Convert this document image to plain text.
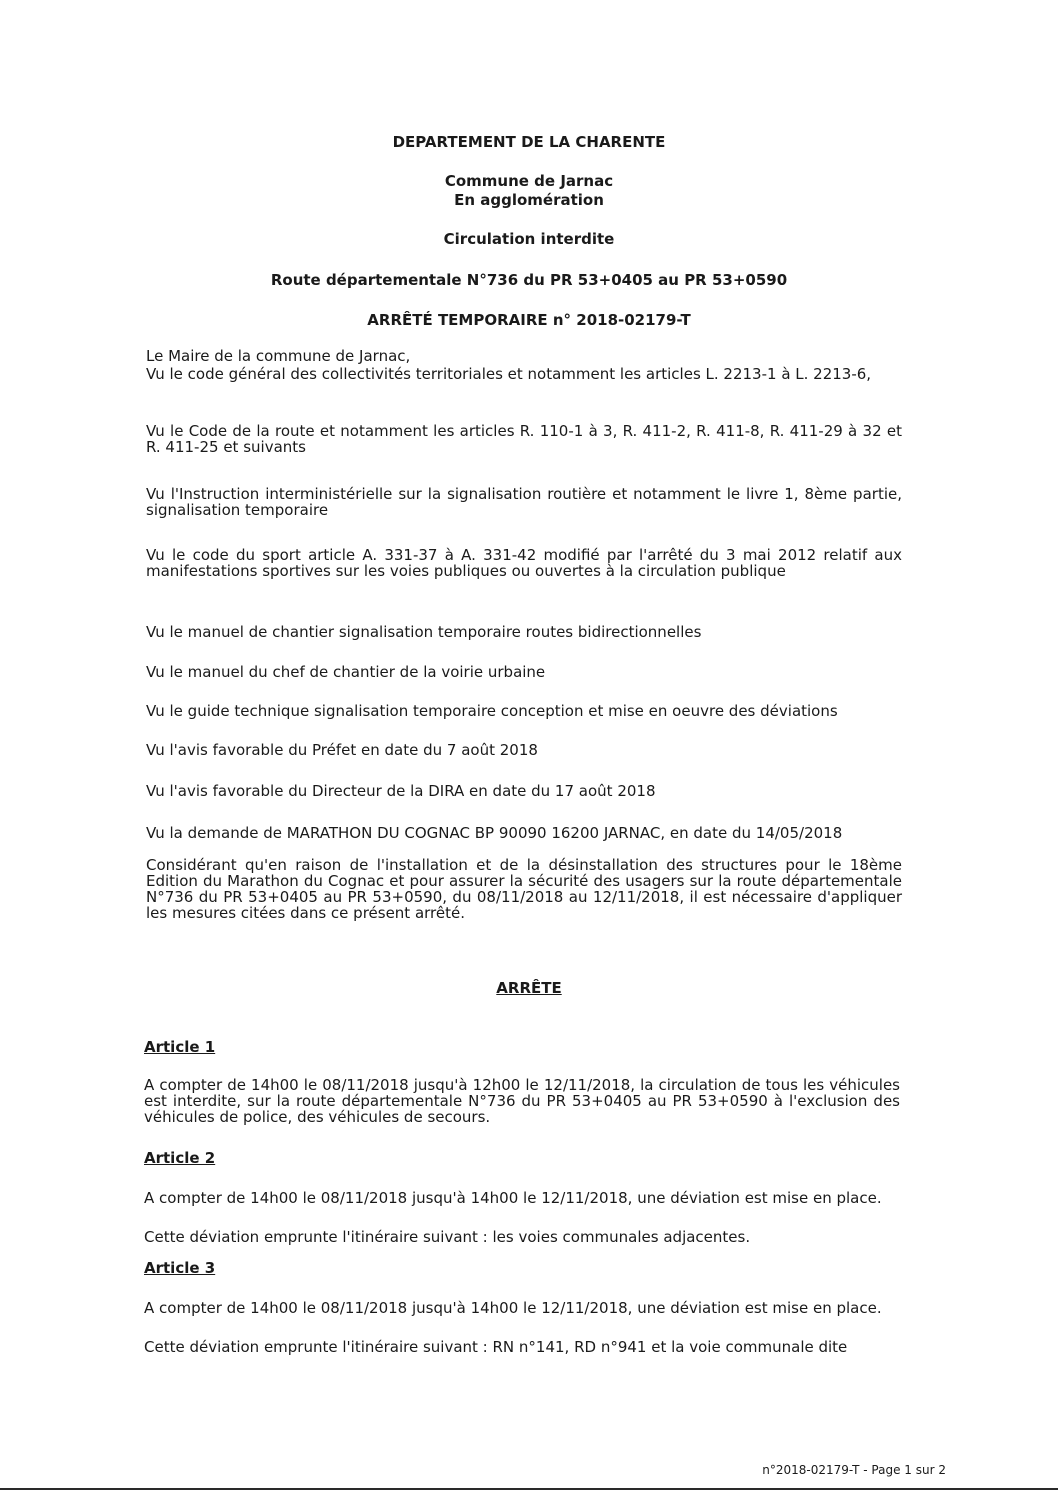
DEPARTEMENT DE LA CHARENTE
Commune de Jarnac
En agglomération
Circulation interdite
Route départementale N°736 du PR 53+0405 au PR 53+0590
ARRÊTÉ TEMPORAIRE n° 2018-02179-T
Le Maire de la commune de Jarnac,
Vu le code général des collectivités territoriales et notamment les articles L. 2213-1 à L. 2213-6,
Vu le Code de la route et notamment les articles R. 110-1 à 3, R. 411-2, R. 411-8, R. 411-29 à 32 et R. 411-25 et suivants
Vu l'Instruction interministérielle sur la signalisation routière et notamment le livre 1, 8ème partie, signalisation temporaire
Vu le code du sport article A. 331-37 à A. 331-42 modifié par l'arrêté du 3 mai 2012 relatif aux manifestations sportives sur les voies publiques ou ouvertes à la circulation publique
Vu le manuel de chantier signalisation temporaire routes bidirectionnelles
Vu le manuel du chef de chantier de la voirie urbaine
Vu le guide technique signalisation temporaire conception et mise en oeuvre des déviations
Vu l'avis favorable du Préfet en date du 7 août 2018
Vu l'avis favorable du Directeur de la DIRA en date du 17 août 2018
Vu la demande de MARATHON DU COGNAC BP 90090 16200 JARNAC, en date du 14/05/2018
Considérant qu'en raison de l'installation et de la désinstallation des structures pour le 18ème Edition du Marathon du Cognac et pour assurer la sécurité des usagers sur la route départementale N°736 du PR 53+0405 au PR 53+0590, du 08/11/2018 au 12/11/2018, il est nécessaire d'appliquer les mesures citées dans ce présent arrêté.
ARRÊTE
Article 1
A compter de 14h00 le 08/11/2018 jusqu'à 12h00 le 12/11/2018, la circulation de tous les véhicules est interdite, sur la route départementale N°736 du PR 53+0405 au PR 53+0590 à l'exclusion des véhicules de police, des véhicules de secours.
Article 2
A compter de 14h00 le 08/11/2018 jusqu'à 14h00 le 12/11/2018, une déviation est mise en place.
Cette déviation emprunte l'itinéraire suivant : les voies communales adjacentes.
Article 3
A compter de 14h00 le 08/11/2018 jusqu'à 14h00 le 12/11/2018, une déviation est mise en place.
Cette déviation emprunte l'itinéraire suivant : RN n°141, RD n°941 et la voie communale dite
n°2018-02179-T - Page 1 sur 2
